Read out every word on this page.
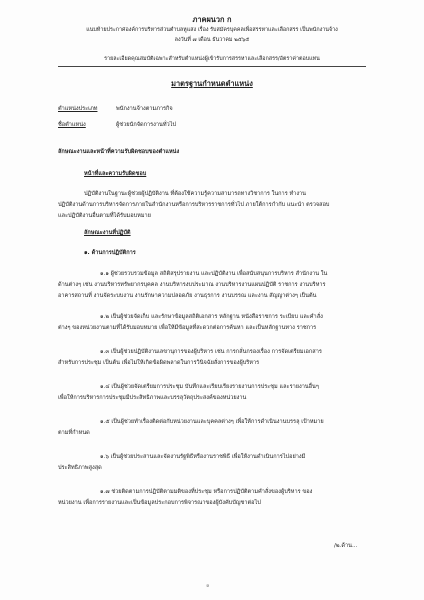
ภาคผนวก ก
แนบท้ายประกาศองค์การบริหารส่วนตำบลหูแสง เรื่อง รับสมัครบุคคลเพื่อสรรหาและเลือกสรร เป็นพนักงานจ้าง
ลงวันที่ ๗ เดือน ธันวาคม ๒๕๖๕
รายละเอียดคุณสมบัติเฉพาะสำหรับตำแหน่งผู้เข้ารับการสรรหาและเลือกสรร/อัตราค่าตอบแทน
มาตรฐานกำหนดตำแหน่ง
ตำแหน่งประเภท	พนักงานจ้างตามภารกิจ
ชื่อตำแหน่ง	ผู้ช่วยนักจัดการงานทั่วไป
ลักษณะงานและหน้าที่ความรับผิดชอบของตำแหน่ง
หน้าที่และความรับผิดชอบ
ปฏิบัติงานในฐานะผู้ช่วยผู้ปฏิบัติงาน ที่ต้องใช้ความรู้ความสามารถทางวิชาการ ในการ ทำงาน
ปฏิบัติงานด้านการบริหารจัดการภายในสำนักงานหรือการบริหารราชการทั่วไป ภายใต้การกำกับ แนะนำ ตรวจสอบ
และปฏิบัติงานอื่นตามที่ได้รับมอบหมาย
ลักษณะงานที่ปฏิบัติ
๑. ด้านการปฏิบัติการ
๑.๑ ผู้ช่วยรวบรวมข้อมูล สถิติสรุปรายงาน และปฏิบัติงาน เพื่อสนับสนุนการบริหาร สำนักงาน ใน
ด้านต่างๆ เช่น งานบริหารทรัพยากรบุคคล งานบริหารงบประมาณ งานบริหารงานแผนปฏิบัติ ราชการ งานบริหาร
อาคารสถานที่ งานจัดระบบงาน งานรักษาความปลอดภัย งานธุรการ งานบรรณ และงาน สัญญาต่างๆ เป็นต้น
๑.๒ เป็นผู้ช่วยจัดเก็บ และรักษาข้อมูลสถิติเอกสาร หลักฐาน หนังสือราชการ ระเบียบ และคำสั่ง
ต่างๆ ของหน่วยงานตามที่ได้รับมอบหมาย เพื่อให้มีข้อมูลที่สะดวกต่อการค้นหา และเป็นหลักฐานทาง ราชการ
๑.๓ เป็นผู้ช่วยปฏิบัติงานเลขานุการของผู้บริหาร เช่น การกลั่นกรองเรื่อง การจัดเตรียมเอกสาร
สำหรับการประชุม เป็นต้น เพื่อไม่ให้เกิดข้อผิดพลาดในการวินิจฉัยสั่งการของผู้บริหาร
๑.๔ เป็นผู้ช่วยจัดเตรียมการประชุม บันทึกและเรียบเรียงรายงานการประชุม และรายงานอื่นๆ
เพื่อให้การบริหารการประชุมมีประสิทธิภาพและบรรลุวัตถุประสงค์ของหน่วยงาน
๑.๕ เป็นผู้ช่วยทำเรื่องติดต่อกับหน่วยงานและบุคคลต่างๆ เพื่อให้การดำเนินงานบรรลุ เป้าหมาย
ตามที่กำหนด
๑.๖ เป็นผู้ช่วยประสานและจัดงานรัฐพิธีหรืองานราชพิธี เพื่อให้งานดำเนินการไปอย่างมี
ประสิทธิภาพสูงสุด
๑.๗ ช่วยติดตามการปฏิบัติตามมติของที่ประชุม หรือการปฏิบัติตามคำสั่งของผู้บริหาร ของ
หน่วยงาน เพื่อการรายงานและเป็นข้อมูลประกอบการพิจารณาของผู้บังคับบัญชาต่อไป
/๒.ด้าน...
๑
